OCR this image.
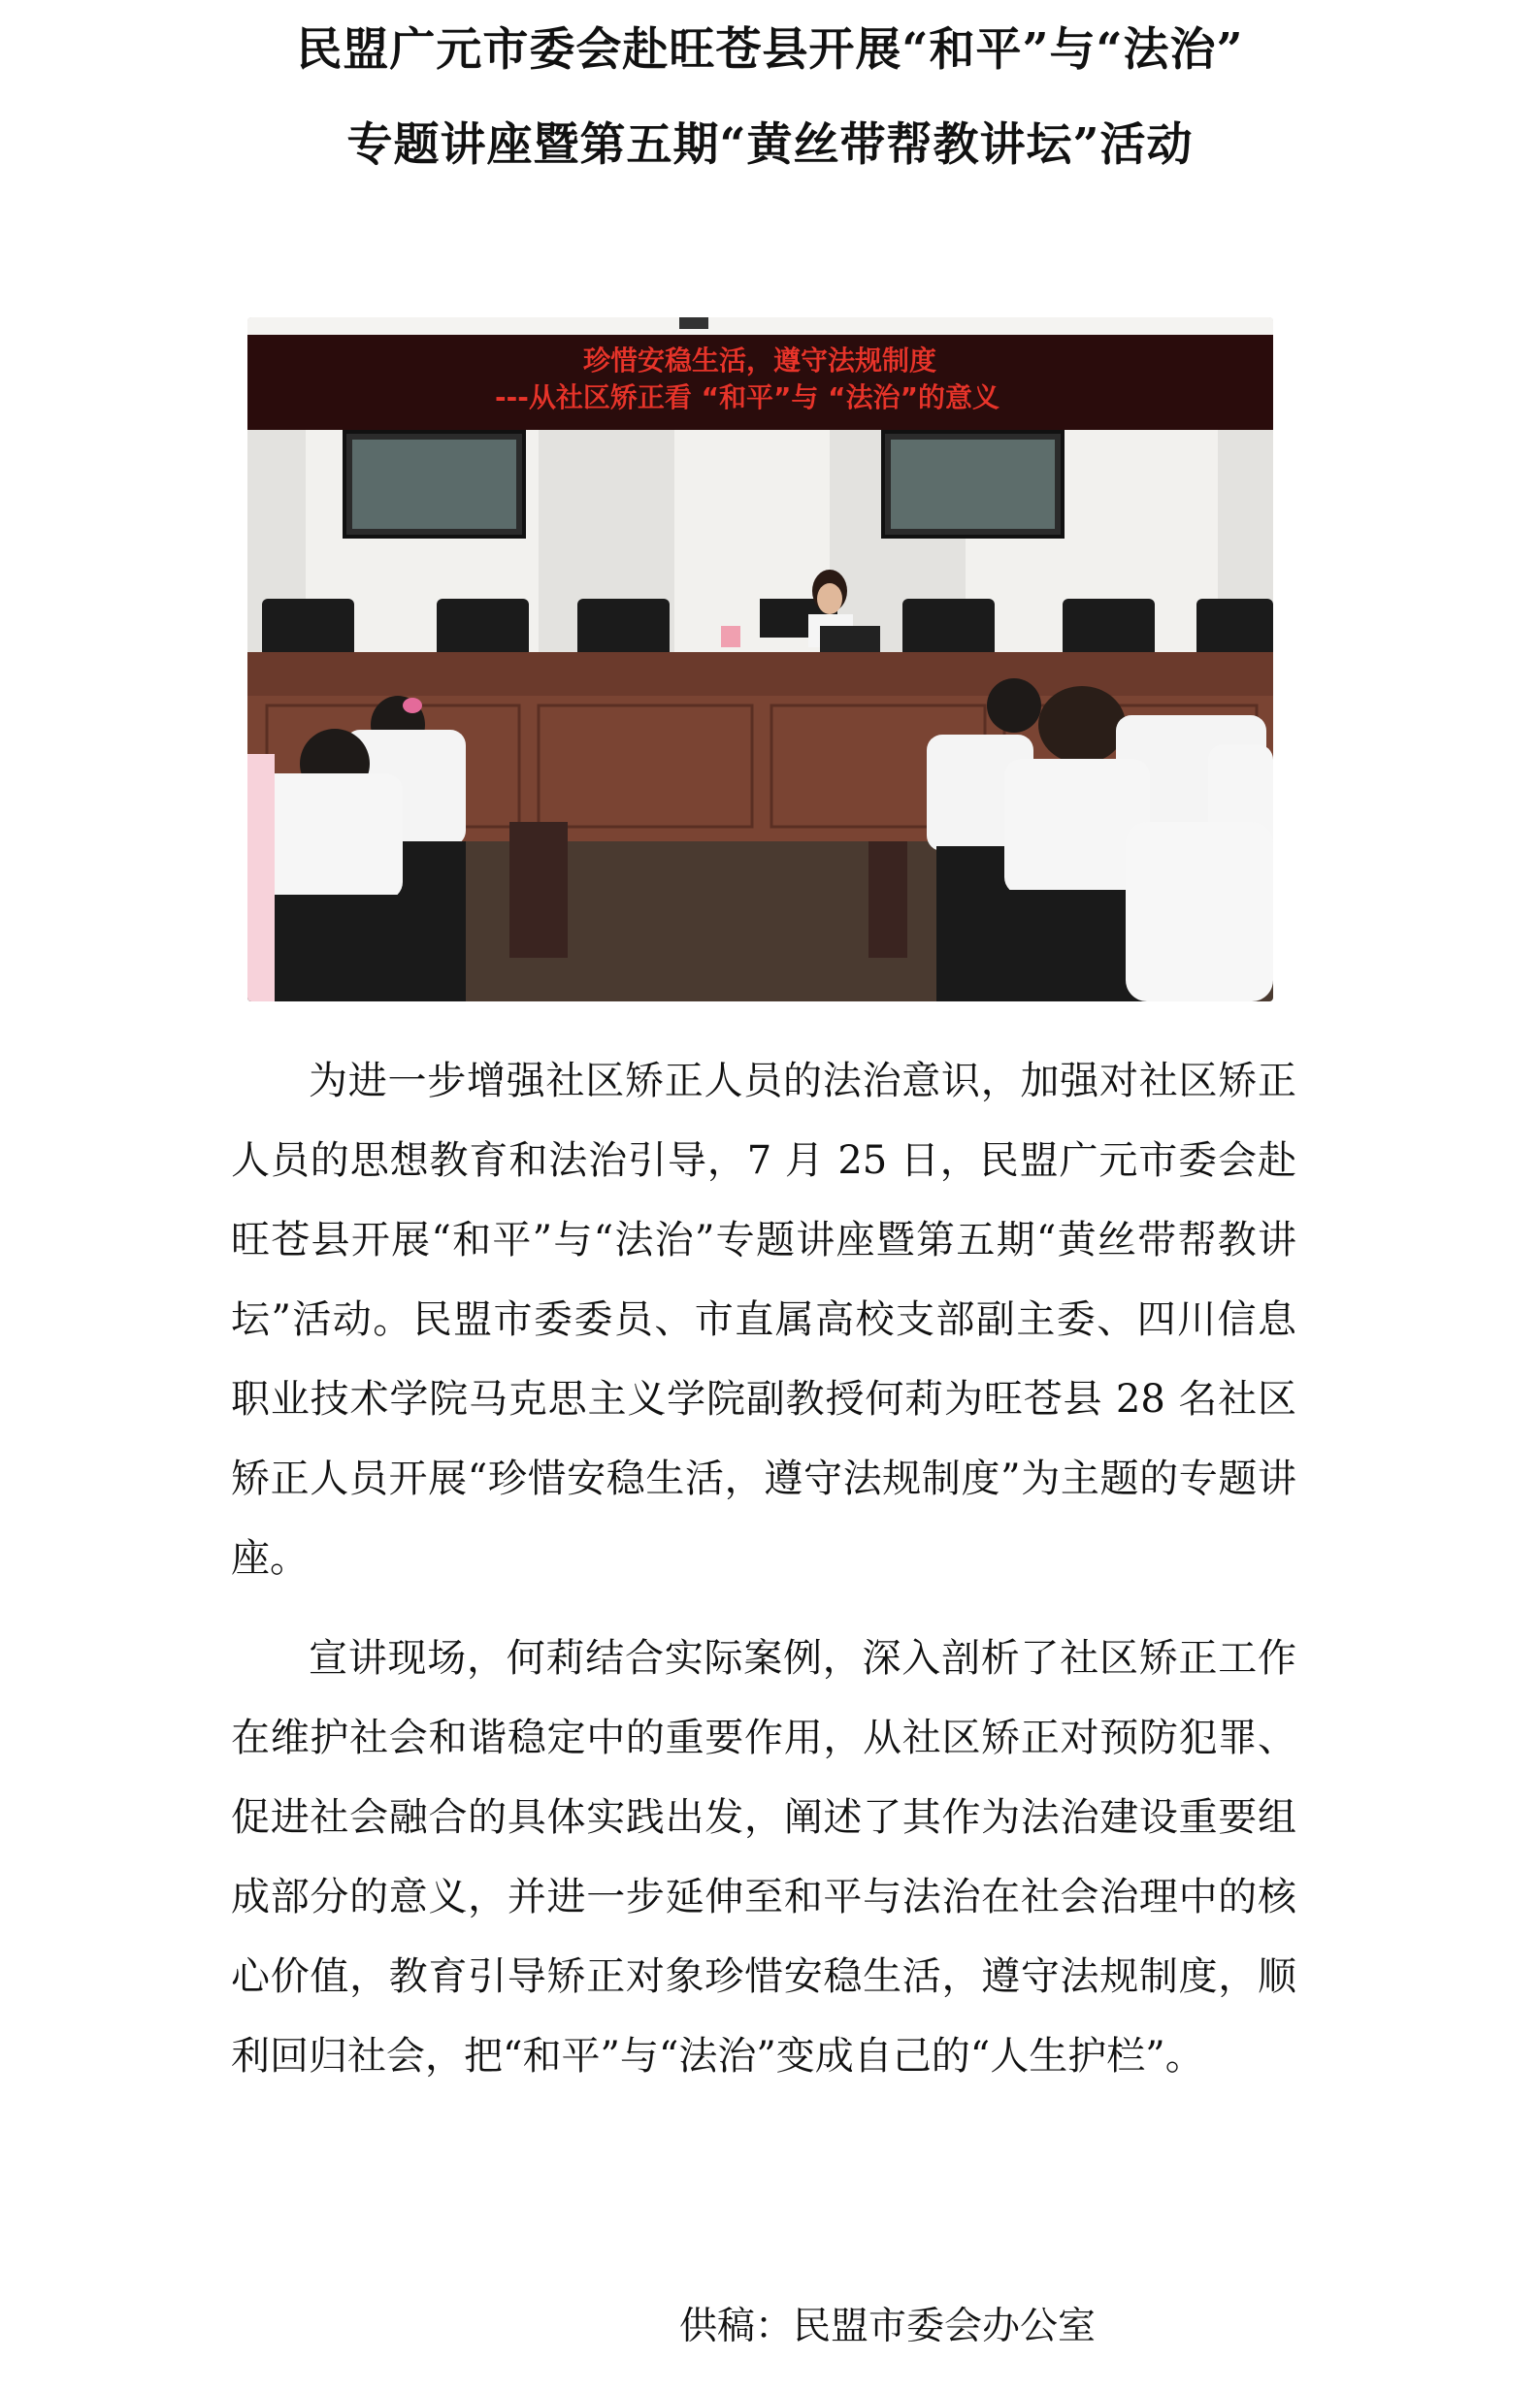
民盟广元市委会赴旺苍县开展“和平”与“法治”
专题讲座暨第五期“黄丝带帮教讲坛”活动
珍惜安稳生活，遵守法规制度
---从社区矫正看 “和平”与 “法治”的意义

为进一步增强社区矫正人员的法治意识，加强对社区矫正人员的思想教育和法治引导，7 月 25 日，民盟广元市委会赴旺苍县开展“和平”与“法治”专题讲座暨第五期“黄丝带帮教讲坛”活动。民盟市委委员、市直属高校支部副主委、四川信息职业技术学院马克思主义学院副教授何莉为旺苍县 28 名社区矫正人员开展“珍惜安稳生活，遵守法规制度”为主题的专题讲座。

宣讲现场，何莉结合实际案例，深入剖析了社区矫正工作在维护社会和谐稳定中的重要作用，从社区矫正对预防犯罪、促进社会融合的具体实践出发，阐述了其作为法治建设重要组成部分的意义，并进一步延伸至和平与法治在社会治理中的核心价值，教育引导矫正对象珍惜安稳生活，遵守法规制度，顺利回归社会，把“和平”与“法治”变成自己的“人生护栏”。

供稿：民盟市委会办公室
